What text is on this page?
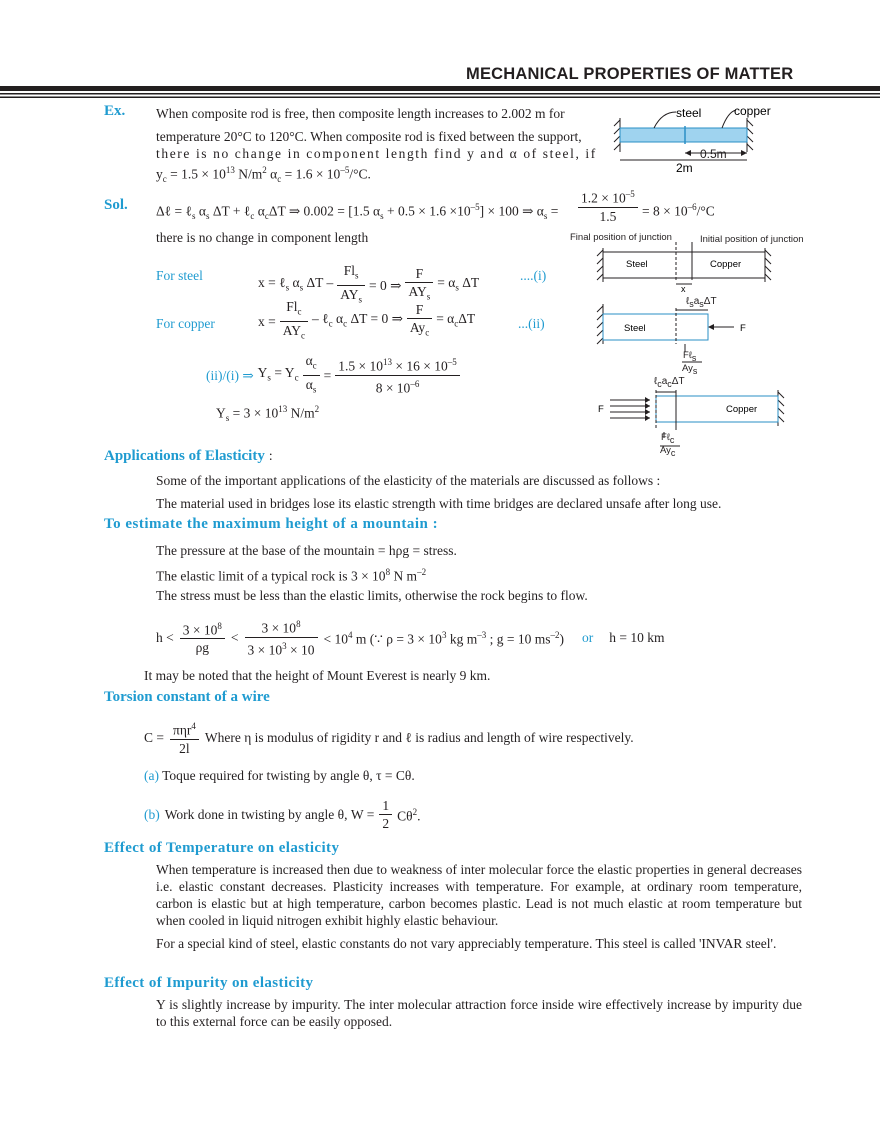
MECHANICAL PROPERTIES OF MATTER
Ex. When composite rod is free, then composite length increases to 2.002 m for
temperature 20°C to 120°C. When composite rod is fixed between the support,
there is no change in component length find y and α of steel, if
$y_c = 1.5 \times 10^{13}$ $N/m^2$ $\alpha_c = 1.6 \times 10^{-5}/^\circ C$.
steel	copper
0.5m
2m
Sol. Δℓ = ℓ$_s$ $\alpha_s$ ΔT + ℓ$_c$ $\alpha_c\Delta T$ ⇒ 0.002 = [1.5 $\alpha_s + 0.5 \times 1.6 \times 10^{-5}] \times 100$ ⇒ $\alpha_s = \frac{1.2 \times 10^{-5}}{1.5} = 8 \times 10^{-6}/^\circ C$
there is no change in component length
For steel	x = ℓ$_s$ $\alpha_s$ $\Delta T - \frac{Fl_s}{AY_s} = 0$ ⇒ $\frac{F}{AY_s} = \alpha_s$ ΔT	....(i)
For copper	$x = \frac{Fl_c}{AY_c}$ – ℓ$_c$ $\alpha_c$ ΔT = 0 ⇒ $\frac{F}{Ay_c} = \alpha_c\Delta T$	...(ii)
(ii)/(i) ⇒ $Y_s = Y_c \frac{\alpha_c}{\alpha_s} = \frac{1.5 \times 10^{13} \times 16 \times 10^{-5}}{8 \times 10^{-6}}$
$Y_s = 3 \times 10^{13}$ $N/m^2$
Final position of junction	Initial position of junction
Steel	Copper
x
Steel	F
F	Copper
$\ell_sa_s\Delta T$
Fℓ$_s$
$Ay_s$
$\ell_ca_c\Delta T$
Fℓ$_c$
$Ay_c$
Applications of Elasticity :
Some of the important applications of the elasticity of the materials are discussed as follows :
The material used in bridges lose its elastic strength with time bridges are declared unsafe after long use.
To estimate the maximum height of a mountain :
The pressure at the base of the mountain = hρg = stress.
The elastic limit of a typical rock is $3 \times 10^8$ N $m^{-2}$
The stress must be less than the elastic limits, otherwise the rock begins to flow.
$h < \frac{3 \times 10^8}{\rho g} < \frac{3 \times 10^8}{3 \times 10^3 \times 10} < 10^4$ m (∵ $\rho = 3 \times 10^3$ kg $m^{-3}$ ; g = 10 $ms^{-2}$) or h = 10 km
It may be noted that the height of Mount Everest is nearly 9 km.
Torsion constant of a wire
$C = \frac{\pi\eta r^4}{2l}$ Where η is modulus of rigidity r and ℓ is radius and length of wire respectively.
(a) Toque required for twisting by angle θ, τ = Cθ.
(b) Work done in twisting by angle θ, $W = \frac{1}{2} C\theta^2$.
Effect of Temperature on elasticity
When temperature is increased then due to weakness of inter molecular force the elastic properties in general decreases i.e. elastic constant decreases. Plasticity increases with temperature. For example, at ordinary room temperature, carbon is elastic but at high temperature, carbon becomes plastic. Lead is not much elastic at room temperature but when cooled in liquid nitrogen exhibit highly elastic behaviour.
For a special kind of steel, elastic constants do not vary appreciably temperature. This steel is called 'INVAR steel'.
Effect of Impurity on elasticity
Y is slightly increase by impurity. The inter molecular attraction force inside wire effectively increase by impurity due to this external force can be easily opposed.
